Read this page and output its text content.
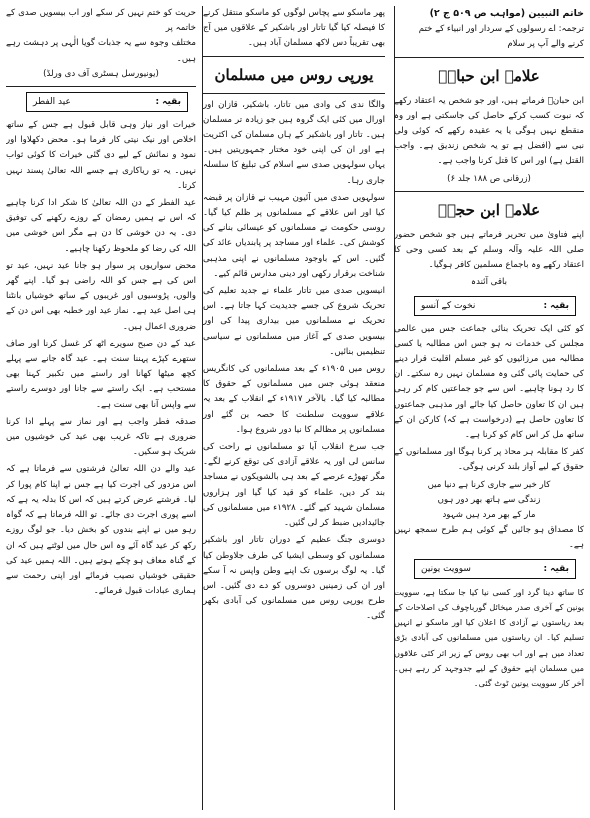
خاتم النبیین (مواہب ص ۵۰۹ ج ۲)
ترجمہ: اے رسولوں کے سردار اور انبیاء کے ختم
کرنے والے آپ پر سلام
علامہ ابن حبانؒ

ابن حبانؒ فرماتے ہیں، اور جو شخص یہ اعتقاد رکھے کہ نبوت کسب کرکے حاصل کی جاسکتی ہے اور وہ منقطع نہیں ہوگی یا یہ عقیدہ رکھے کہ کوئی ولی نبی سے (افضل ہے تو یہ شخص زندیق ہے۔ واجب القتل ہے) اور اس کا قتل کرنا واجب ہے۔

(زرقانی ص ۱۸۸ جلد ۶)
علامہ ابن حجرؒ

اپنے فتاویٰ میں تحریر فرماتے ہیں جو شخص حضور صلی اللہ علیہ وآلہ وسلم کے بعد کسی وحی کا اعتقاد رکھے وہ باجماع مسلمین کافر ہوگیا۔

باقی آئندہ
بقیہ :
نخوت کے آنسو

کو کئی ایک تحریک بنائی جماعت جس میں عالمی مجلس کی خدمات نہ ہو جس اس مطالبہ یا کسی مطالبہ میں مرزائیوں کو غیر مسلم اقلیت قرار دینے کی حمایت پائی گئی وہ مسلمان نہیں رہ سکتے۔ ان کا رد ہونا چاہیے۔ اس سے جو جماعتیں کام کر رہی ہیں ان کا تعاون حاصل کیا جائے اور مذہبی جماعتوں کا تعاون حاصل ہے (درخواست ہے کہ) کارکن ان کے ساتھ مل کر اس کام کو کرنا ہے۔

کفر کا مقابلہ ہر محاذ پر کرنا ہوگا اور مسلمانوں کے حقوق کے لیے آواز بلند کرنی ہوگی۔

کار خیر سے جاری کرنا ہے دنیا میں
زندگی سے ہاتھ بھر دور ہوں
مار کے بھر مرد ہیں شہود

کا مصداق ہو جائیں گے کوئی ہم طرح سمجھ نہیں ہے۔

بقیہ :
سوویت یونین

کا ساتھ دینا گرد اور کسی نیا کیا جا سکتا ہے، سوویت یونین کے آخری صدر میخائل گورباچوف کی اصلاحات کے بعد ریاستوں نے آزادی کا اعلان کیا اور ماسکو نے انہیں تسلیم کیا۔ ان ریاستوں میں مسلمانوں کی آبادی بڑی تعداد میں ہے اور اب بھی روس کے زیر اثر کئی علاقوں میں مسلمان اپنے حقوق کے لیے جدوجہد کر رہے ہیں۔ آخر کار سوویت یونین ٹوٹ گئی۔

پھر ماسکو سے پچاس لوگوں کو ماسکو منتقل کرنے کا فیصلہ کیا گیا تاتار اور باشکیر کے علاقوں میں آج بھی تقریباً دس لاکھ مسلمان آباد ہیں۔

یورپی روس میں مسلمان

والگا ندی کی وادی میں تاتار، باشکیر، قازان اور اورال میں کئی ایک گروہ ہیں جو زیادہ تر مسلمان ہیں۔ تاتار اور باشکیر کے ہاں مسلمان کی اکثریت ہے اور ان کی اپنی خود مختار جمہوریتیں ہیں۔ یہاں سولہویں صدی سے اسلام کی تبلیغ کا سلسلہ جاری رہا۔

سولہویں صدی میں آئیون مہیب نے قازان پر قبضہ کیا اور اس علاقے کے مسلمانوں پر ظلم کیا گیا۔ روسی حکومت نے مسلمانوں کو عیسائی بنانے کی کوشش کی۔ علماء اور مساجد پر پابندیاں عائد کی گئیں۔ اس کے باوجود مسلمانوں نے اپنی مذہبی شناخت برقرار رکھی اور دینی مدارس قائم کیے۔

انیسویں صدی میں تاتار علماء نے جدید تعلیم کی تحریک شروع کی جسے جدیدیت کہا جاتا ہے۔ اس تحریک نے مسلمانوں میں بیداری پیدا کی اور بیسویں صدی کے آغاز میں مسلمانوں نے سیاسی تنظیمیں بنائیں۔

روس میں ۱۹۰۵ء کے بعد مسلمانوں کی کانگریس منعقد ہوئی جس میں مسلمانوں کے حقوق کا مطالبہ کیا گیا۔ بالآخر ۱۹۱۷ء کے انقلاب کے بعد یہ علاقے سوویت سلطنت کا حصہ بن گئے اور مسلمانوں پر مظالم کا نیا دور شروع ہوا۔

جب سرخ انقلاب آیا تو مسلمانوں نے راحت کی سانس لی اور یہ علاقے آزادی کی توقع کرنے لگے۔ مگر تھوڑے عرصے کے بعد ہی بالشویکوں نے مساجد بند کر دیں، علماء کو قید کیا گیا اور ہزاروں مسلمان شہید کیے گئے۔ ۱۹۲۸ء میں مسلمانوں کی جائیدادیں ضبط کر لی گئیں۔

دوسری جنگ عظیم کے دوران تاتار اور باشکیر مسلمانوں کو وسطی ایشیا کی طرف جلاوطن کیا گیا۔ یہ لوگ برسوں تک اپنے وطن واپس نہ آ سکے اور ان کی زمینیں دوسروں کو دے دی گئیں۔ اس طرح یورپی روس میں مسلمانوں کی آبادی بکھر گئی۔

حریت کو ختم نہیں کر سکے اور اب بیسویں صدی کے خاتمہ پر
مختلف وجوہ سے یہ جذبات گویا الٰہی پر دہشت رہے ہیں۔
(یونیورسل ہسٹری آف دی ورلڈ)
بقیہ :
عید الفطر

خیرات اور نیاز وہی قابل قبول ہے جس کے ساتھ اخلاص اور نیک نیتی کار فرما ہو۔ محض دکھلاوا اور نمود و نمائش کے لیے دی گئی خیرات کا کوئی ثواب نہیں۔ یہ تو ریاکاری ہے جسے اللہ تعالیٰ پسند نہیں کرتا۔

عید الفطر کے دن اللہ تعالیٰ کا شکر ادا کرنا چاہیے کہ اس نے ہمیں رمضان کے روزے رکھنے کی توفیق دی۔ یہ دن خوشی کا دن ہے مگر اس خوشی میں اللہ کی رضا کو ملحوظ رکھنا چاہیے۔

محض سواریوں پر سوار ہو جانا عید نہیں، عید تو اس کی ہے جس کو اللہ راضی ہو گیا۔ اپنے گھر والوں، پڑوسیوں اور غریبوں کے ساتھ خوشیاں بانٹنا ہی اصل عید ہے۔ نماز عید اور خطبہ بھی اس دن کے ضروری اعمال ہیں۔

عید کے دن صبح سویرے اٹھ کر غسل کرنا اور صاف ستھرے کپڑے پہننا سنت ہے۔ عید گاہ جانے سے پہلے کچھ میٹھا کھانا اور راستے میں تکبیر کہنا بھی مستحب ہے۔ ایک راستے سے جانا اور دوسرے راستے سے واپس آنا بھی سنت ہے۔

صدقہ فطر واجب ہے اور نماز سے پہلے ادا کرنا ضروری ہے تاکہ غریب بھی عید کی خوشیوں میں شریک ہو سکیں۔

عید والے دن اللہ تعالیٰ فرشتوں سے فرماتا ہے کہ اس مزدور کی اجرت کیا ہے جس نے اپنا کام پورا کر لیا۔ فرشتے عرض کرتے ہیں کہ اس کا بدلہ یہ ہے کہ اسے پوری اجرت دی جائے۔ تو اللہ فرماتا ہے کہ گواہ رہو میں نے اپنے بندوں کو بخش دیا۔ جو لوگ روزے رکھ کر عید گاہ آئے وہ اس حال میں لوٹتے ہیں کہ ان کے گناہ معاف ہو چکے ہوتے ہیں۔ اللہ ہمیں عید کی حقیقی خوشیاں نصیب فرمائے اور اپنی رحمت سے ہماری عبادات قبول فرمائے۔
